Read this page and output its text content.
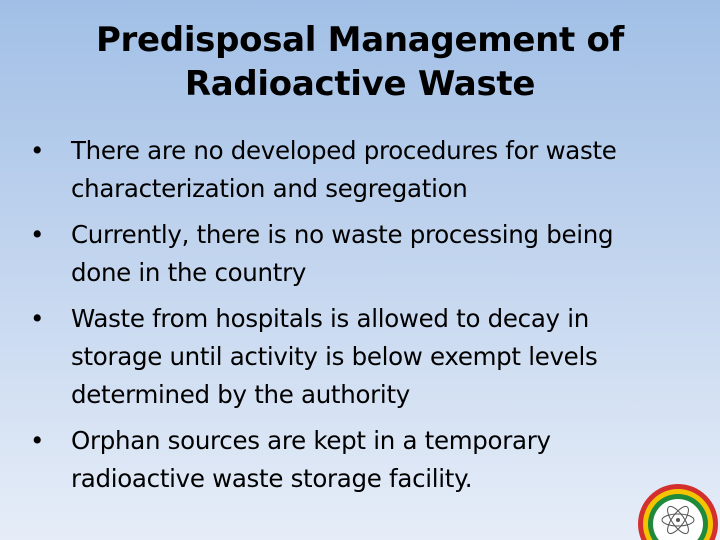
Predisposal Management of
Radioactive Waste
•	There are no developed procedures for waste
characterization and segregation
•	Currently, there is no waste processing being
done in the country
•	Waste from hospitals is allowed to decay in
storage until activity is below exempt levels
determined by the authority
•	Orphan sources are kept in a temporary
radioactive waste storage facility.
